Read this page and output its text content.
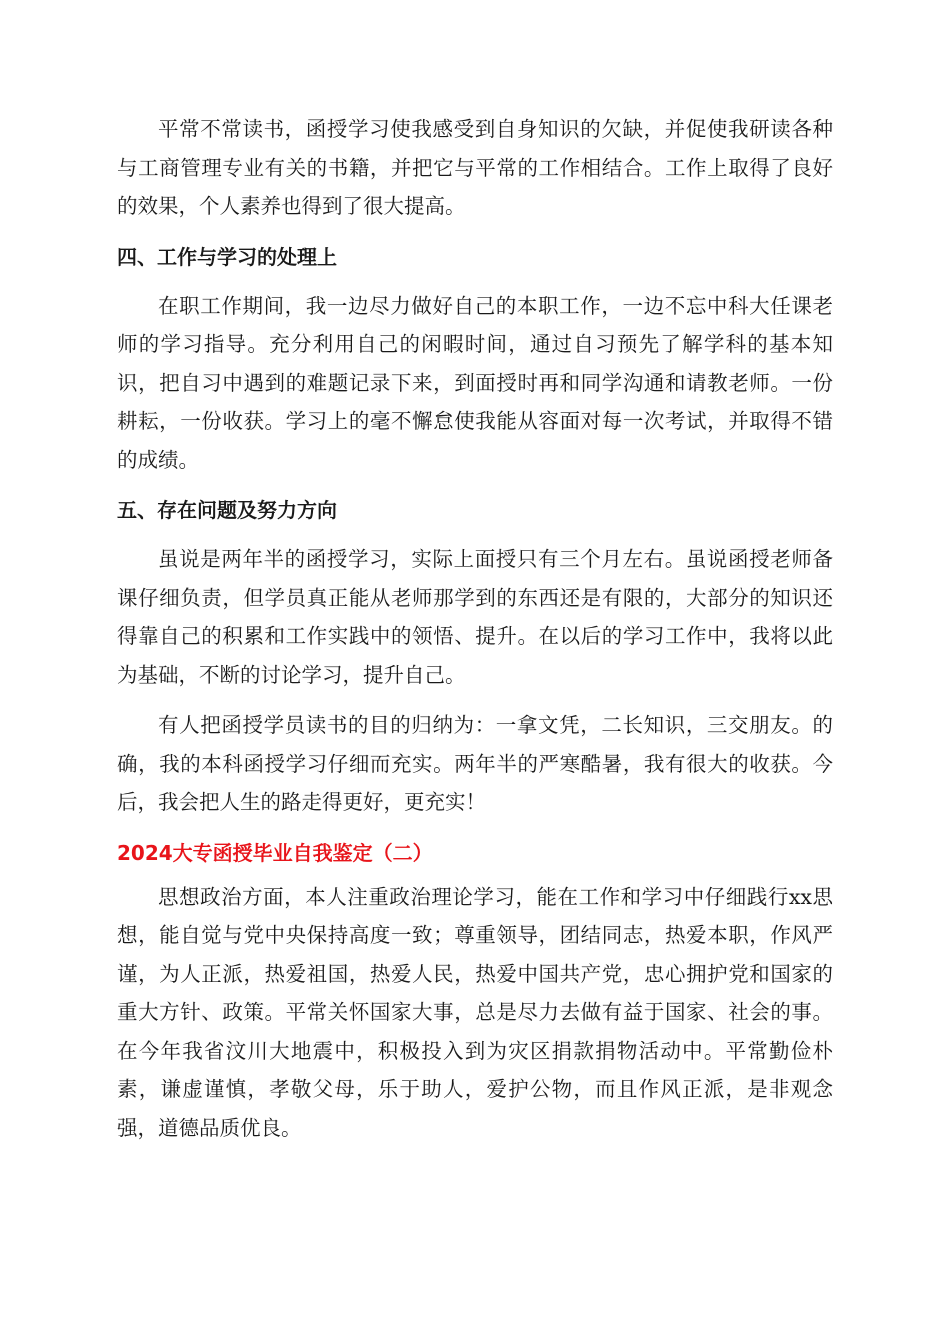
平常不常读书，函授学习使我感受到自身知识的欠缺，并促使我研读各种与工商管理专业有关的书籍，并把它与平常的工作相结合。工作上取得了良好的效果，个人素养也得到了很大提高。

四、工作与学习的处理上

在职工作期间，我一边尽力做好自己的本职工作，一边不忘中科大任课老师的学习指导。充分利用自己的闲暇时间，通过自习预先了解学科的基本知识，把自习中遇到的难题记录下来，到面授时再和同学沟通和请教老师。一份耕耘，一份收获。学习上的毫不懈怠使我能从容面对每一次考试，并取得不错的成绩。

五、存在问题及努力方向

虽说是两年半的函授学习，实际上面授只有三个月左右。虽说函授老师备课仔细负责，但学员真正能从老师那学到的东西还是有限的，大部分的知识还得靠自己的积累和工作实践中的领悟、提升。在以后的学习工作中，我将以此为基础，不断的讨论学习，提升自己。

有人把函授学员读书的目的归纳为：一拿文凭，二长知识，三交朋友。的确，我的本科函授学习仔细而充实。两年半的严寒酷暑，我有很大的收获。今后，我会把人生的路走得更好，更充实！

2024大专函授毕业自我鉴定（二）

思想政治方面，本人注重政治理论学习，能在工作和学习中仔细践行xx思想，能自觉与党中央保持高度一致；尊重领导，团结同志，热爱本职，作风严谨，为人正派，热爱祖国，热爱人民，热爱中国共产党，忠心拥护党和国家的重大方针、政策。平常关怀国家大事，总是尽力去做有益于国家、社会的事。在今年我省汶川大地震中，积极投入到为灾区捐款捐物活动中。平常勤俭朴素，谦虚谨慎，孝敬父母，乐于助人，爱护公物，而且作风正派，是非观念强，道德品质优良。
